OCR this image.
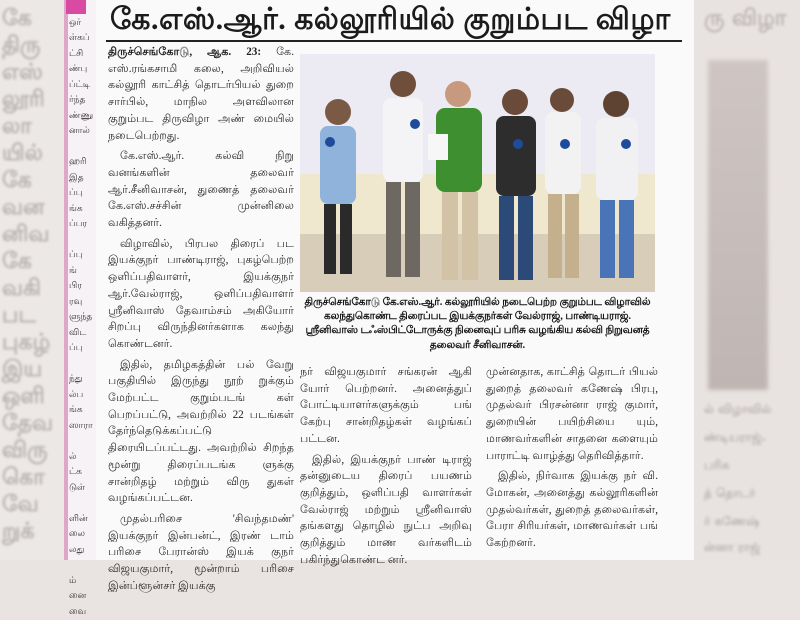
கே
திரு
எஸ்
லூரி
லா
யில்
கே
வன
னிவ
கே
வகி
பட
புகழ்
இய
ஒளி
தேவ
விரு
கொ
வே
றுக்
ரு விழா
ல் விழாவில்
ண்டியராஜ்.
பரிசு
த் தொடர்
ர் கணேஷ்
ன்னா ராஜ்
ஒர்
ள்கப்
ட்சி
ண்பு
ப்ட்டி
ர்ந்த
ண்ணு
னால்

ஹரி
இத
ப்பு
ங்க
ப்பர

ப்பு
ங்
பிர
ரவு
ளுந்த
விட
ப்பு

ந்து
ல்ப
ங்க
ஸாரா

ல்
ட்க
டுள்

ளின்
லை
லது

ம்
னை
வை
கே.எஸ்.ஆர். கல்லூரியில் குறும்பட விழா

திருச்செங்கோடு, ஆக. 23: கே. எஸ்.ரங்கசாமி கலை, அறிவியல் கல்லூரி காட்சித் தொடர்பியல் துறை சார்பில், மாநில அளவிலான குறும்பட திருவிழா அண் மையில் நடைபெற்றது.

கே.எஸ்.ஆர். கல்வி நிறு வனங்களின் தலைவர் ஆர்.சீனிவாசன், துணைத் தலைவர் கே.எஸ்.சச்சின் முன்னிலை வகித்தனர்.

விழாவில், பிரபல திரைப் பட இயக்குநர் பாண்டிராஜ், புகழ்பெற்ற ஒளிப்பதிவாளர், இயக்குநர் ஆர்.வேல்ராஜ், ஒளிப்பதிவாளர் ஸ்ரீனிவாஸ் தேவாம்சம் அகியோர் சிறப்பு விருந்தினர்களாக கலந்து கொண்டனர்.

இதில், தமிழகத்தின் பல் வேறு பகுதியில் இருந்து நூற் றுக்கும் மேற்பட்ட குறும்படங் கள் பெறப்பட்டு, அவற்றில் 22 படங்கள் தேர்ந்தெடுக்கப்பட்டு திரையிடப்பட்டது. அவற்றில் சிறந்த மூன்று திரைப்படங்க ளுக்கு சான்றிதழ் மற்றும் விரு துகள் வழங்கப்பட்டன.

முதல்பரிசை 'சிவந்தமண்' இயக்குநர் இன்பன்ட், இரண் டாம் பரிசை பேரான்ஸ் இயக் குநர் விஜயகுமார், மூன்றாம் பரிசை இன்ப்ளூன்சர் இயக்கு

திருச்செங்கோடு கே.எஸ்.ஆர். கல்லூரியில் நடைபெற்ற குறும்பட விழாவில் கலந்துகொண்ட திரைப்பட இயக்குநர்கள் வேல்ராஜ், பாண்டியராஜ். ஸ்ரீனிவாஸ் டஃஸ்பிட்டோருக்கு நினைவுப் பரிசு வழங்கிய கல்வி நிறுவனத் தலைவர் சீனிவாசன்.

நர் விஜயகுமார் சங்கரன் ஆகி யோர் பெற்றனர். அனைத்துப் போட்டியாளர்களுக்கும் பங் கேற்பு சான்றிதழ்கள் வழங்கப் பட்டன.

இதில், இயக்குநர் பாண் டிராஜ் தன்னுடைய திரைப் பயணம் குறித்தும், ஒளிப்பதி வாளர்கள் வேல்ராஜ் மற்றும் ஸ்ரீனிவாஸ் தங்களது தொழில் நுட்ப அறிவு குறித்தும் மாண வர்களிடம் பகிர்ந்துகொண்ட னர்.

முன்னதாக, காட்சித் தொடர் பியல் துறைத் தலைவர் கணேஷ் பிரபு, முதல்வர் பிரசன்னா ராஜ் குமார், துறையின் பயிற்சியை யும், மாணவர்களின் சாதனை களையும் பாராட்டி வாழ்த்து தெரிவித்தார்.

இதில், நிர்வாக இயக்கு நர் வி. மோகன், அனைத்து கல்லூரிகளின் முதல்வர்கள், துறைத் தலைவர்கள், பேரா சிரியர்கள், மாணவர்கள் பங் கேற்றனர்.
